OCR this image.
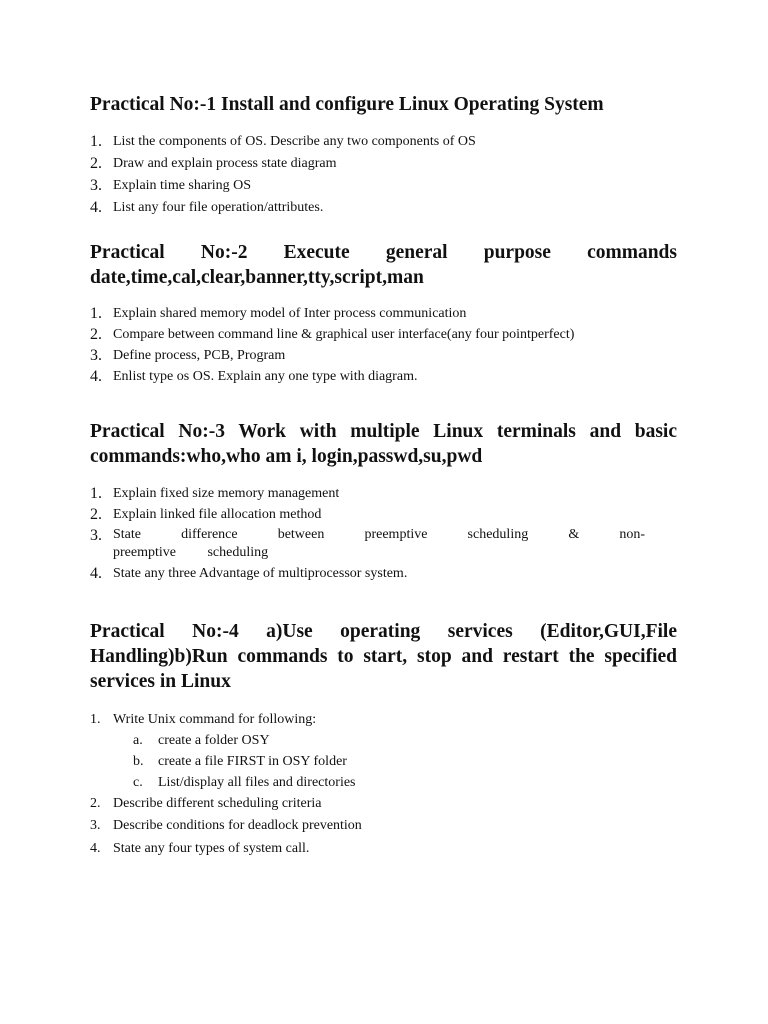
Practical No:-1 Install and configure Linux Operating System
1. List the components of OS. Describe any two components of OS
2. Draw and explain process state diagram
3. Explain time sharing OS
4. List any four file operation/attributes.
Practical No:-2 Execute general purpose commands date,time,cal,clear,banner,tty,script,man
1. Explain shared memory model of Inter process communication
2. Compare between command line & graphical user interface(any four pointperfect)
3. Define process, PCB, Program
4. Enlist type os OS. Explain any one type with diagram.
Practical No:-3 Work with multiple Linux terminals and basic commands:who,who am i, login,passwd,su,pwd
1. Explain fixed size memory management
2. Explain linked file allocation method
3. State difference between preemptive scheduling & non-preemptive scheduling
4. State any three Advantage of multiprocessor system.
Practical No:-4 a)Use operating services (Editor,GUI,File Handling)b)Run commands to start, stop and restart the specified services in Linux
1. Write Unix command for following:
a. create a folder OSY
b. create a file FIRST in OSY folder
c. List/display all files and directories
2. Describe different scheduling criteria
3. Describe conditions for deadlock prevention
4. State any four types of system call.
